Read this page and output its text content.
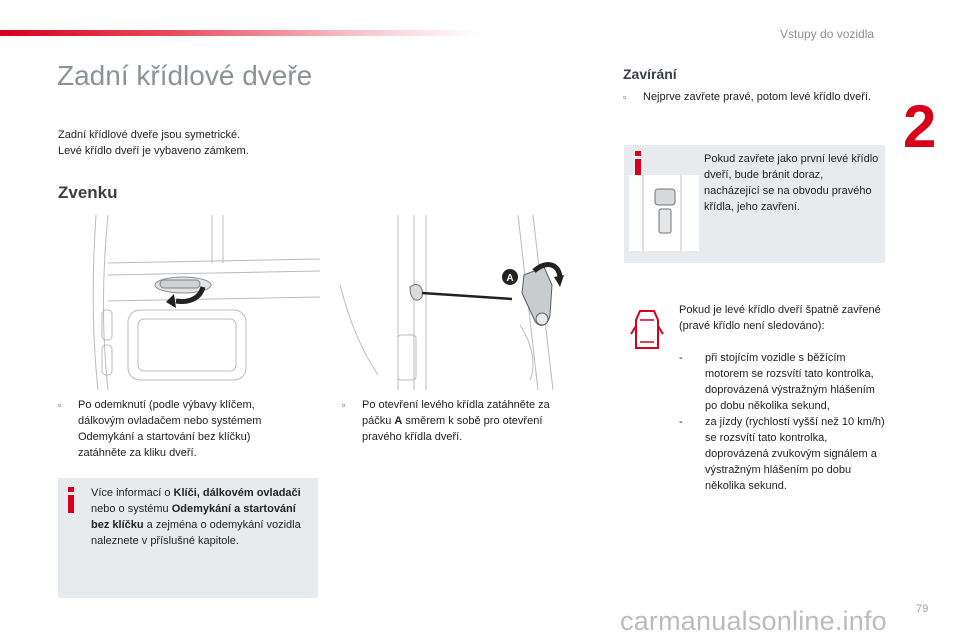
Vstupy do vozidla
2
Zadní křídlové dveře
Zadní křídlové dveře jsou symetrické.
Levé křídlo dveří je vybaveno zámkem.
Zvenku
A
▫	Po odemknutí (podle výbavy klíčem, dálkovým ovladačem nebo systémem Odemykání a startování bez klíčku) zatáhněte za kliku dveří.
▫	Po otevření levého křídla zatáhněte za páčku A směrem k sobě pro otevření pravého křídla dveří.
Více informací o Klíči, dálkovém ovladači nebo o systému Odemykání a startování bez klíčku a zejména o odemykání vozidla naleznete v příslušné kapitole.
Zavírání
▫	Nejprve zavřete pravé, potom levé křídlo dveří.
Pokud zavřete jako první levé křídlo dveří, bude bránit doraz, nacházející se na obvodu pravého křídla, jeho zavření.
Pokud je levé křídlo dveří špatně zavřené (pravé křídlo není sledováno):
- při stojícím vozidle s běžícím motorem se rozsvítí tato kontrolka, doprovázená výstražným hlášením po dobu několika sekund,
- za jízdy (rychlostí vyšší než 10 km/h) se rozsvítí tato kontrolka, doprovázená zvukovým signálem a výstražným hlášením po dobu několika sekund.
carmanualsonline.info	79
